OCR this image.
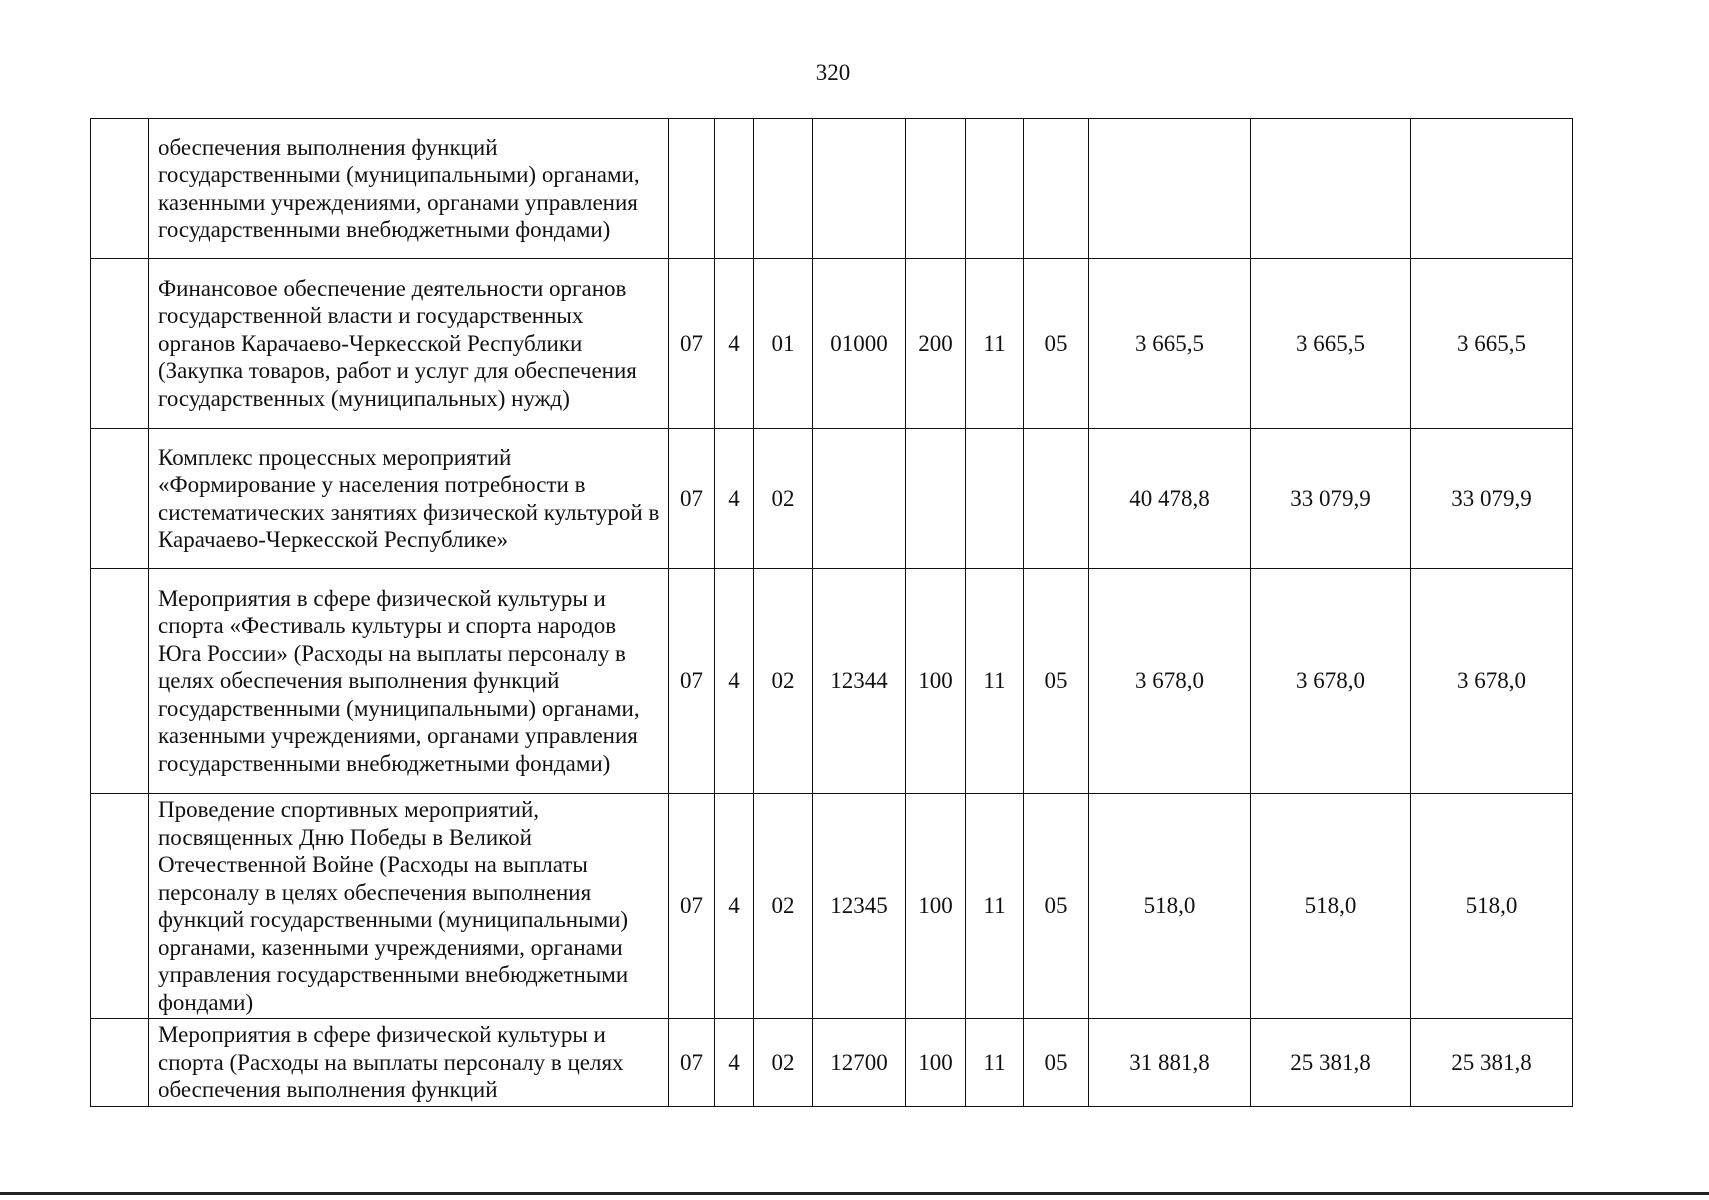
320
	обеспечения выполнения функций государственными (муниципальными) органами, казенными учреждениями, органами управления государственными внебюджетными фондами)										
	Финансовое обеспечение деятельности органов государственной власти и государственных органов Карачаево-Черкесской Республики (Закупка товаров, работ и услуг для обеспечения государственных (муниципальных) нужд)	07	4	01	01000	200	11	05	3 665,5	3 665,5	3 665,5
	Комплекс процессных мероприятий «Формирование у населения потребности в систематических занятиях физической культурой в Карачаево-Черкесской Республике»	07	4	02					40 478,8	33 079,9	33 079,9
	Мероприятия в сфере физической культуры и спорта «Фестиваль культуры и спорта народов Юга России» (Расходы на выплаты персоналу в целях обеспечения выполнения функций государственными (муниципальными) органами, казенными учреждениями, органами управления государственными внебюджетными фондами)	07	4	02	12344	100	11	05	3 678,0	3 678,0	3 678,0
	Проведение спортивных мероприятий, посвященных Дню Победы в Великой Отечественной Войне (Расходы на выплаты персоналу в целях обеспечения выполнения функций государственными (муниципальными) органами, казенными учреждениями, органами управления государственными внебюджетными фондами)	07	4	02	12345	100	11	05	518,0	518,0	518,0
	Мероприятия в сфере физической культуры и спорта (Расходы на выплаты персоналу в целях обеспечения выполнения функций	07	4	02	12700	100	11	05	31 881,8	25 381,8	25 381,8
